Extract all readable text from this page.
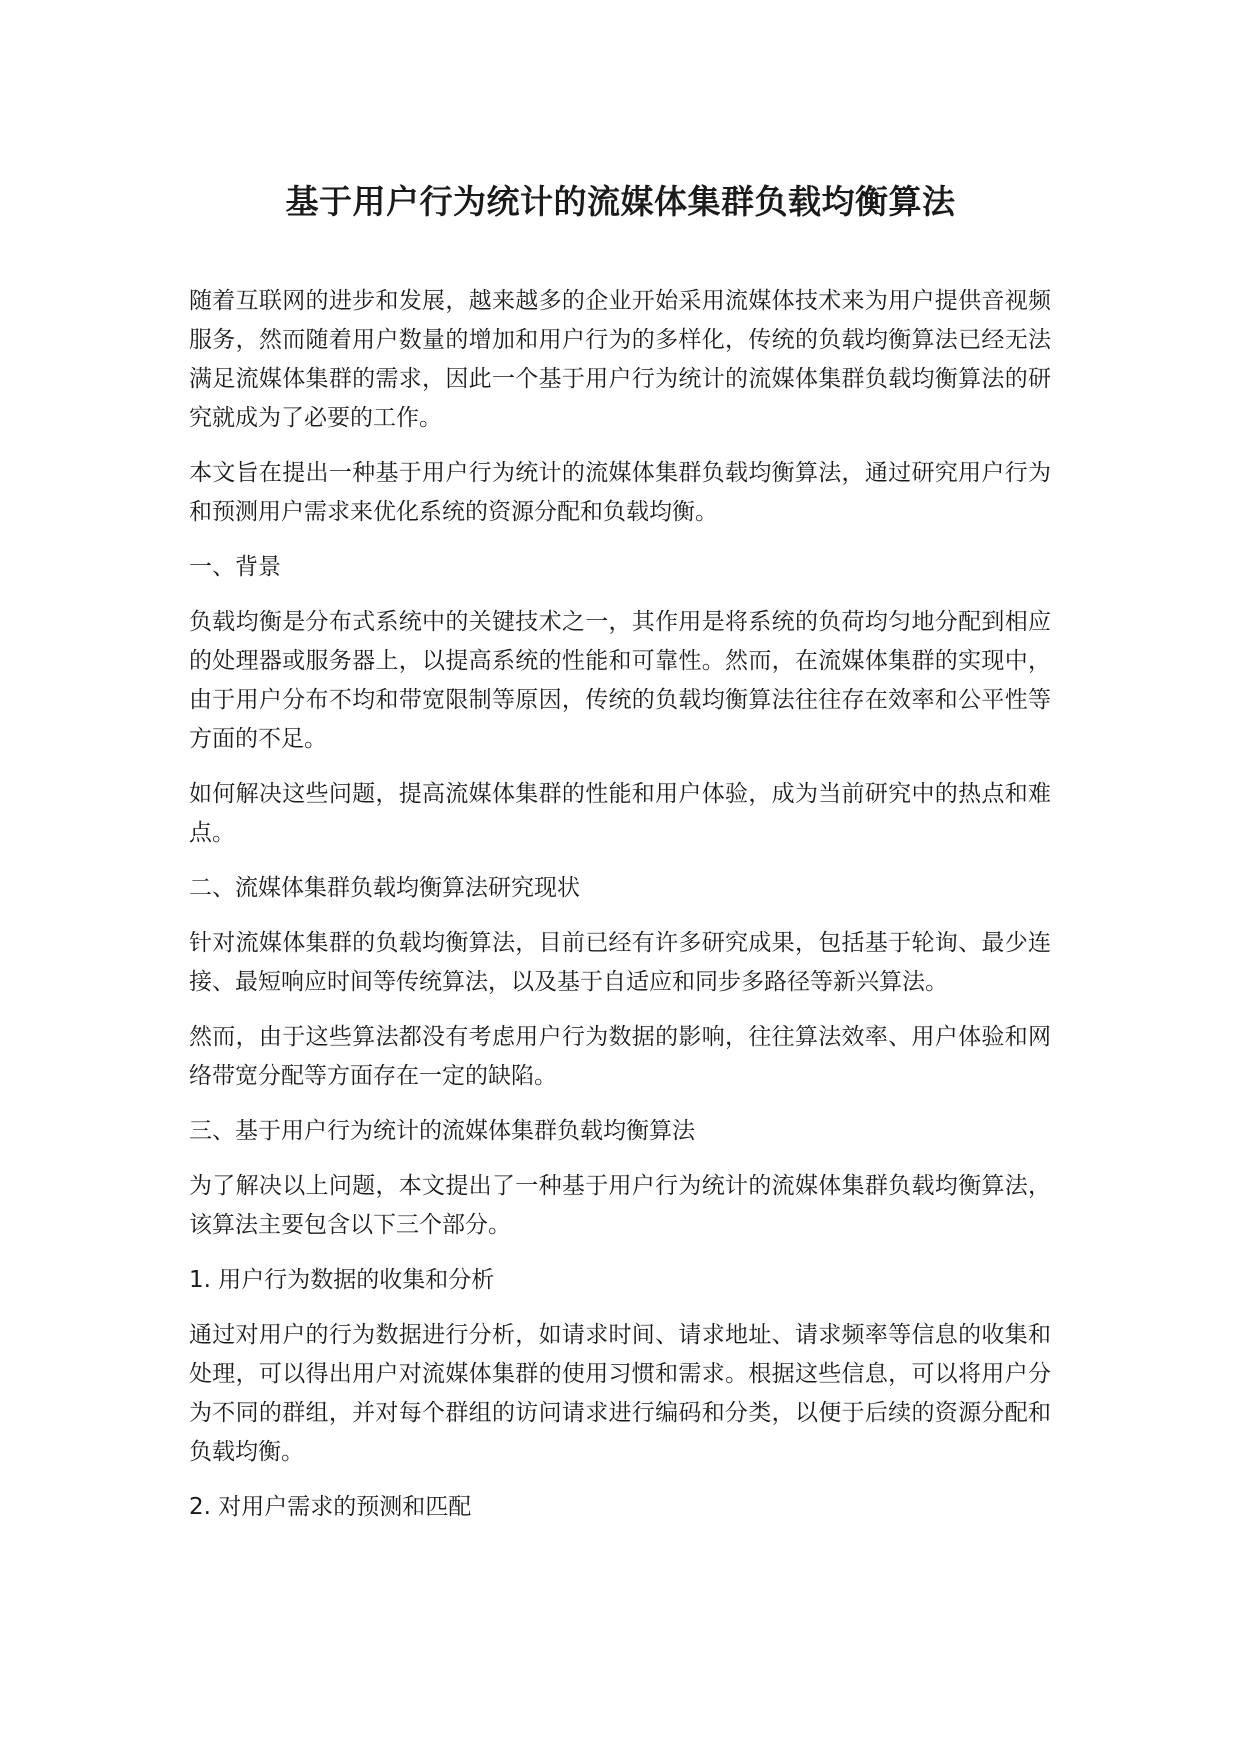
基于用户行为统计的流媒体集群负载均衡算法

随着互联网的进步和发展，越来越多的企业开始采用流媒体技术来为用户提供音视频服务，然而随着用户数量的增加和用户行为的多样化，传统的负载均衡算法已经无法满足流媒体集群的需求，因此一个基于用户行为统计的流媒体集群负载均衡算法的研究就成为了必要的工作。

本文旨在提出一种基于用户行为统计的流媒体集群负载均衡算法，通过研究用户行为和预测用户需求来优化系统的资源分配和负载均衡。

一、背景

负载均衡是分布式系统中的关键技术之一，其作用是将系统的负荷均匀地分配到相应的处理器或服务器上，以提高系统的性能和可靠性。然而，在流媒体集群的实现中，由于用户分布不均和带宽限制等原因，传统的负载均衡算法往往存在效率和公平性等方面的不足。

如何解决这些问题，提高流媒体集群的性能和用户体验，成为当前研究中的热点和难点。

二、流媒体集群负载均衡算法研究现状

针对流媒体集群的负载均衡算法，目前已经有许多研究成果，包括基于轮询、最少连接、最短响应时间等传统算法，以及基于自适应和同步多路径等新兴算法。

然而，由于这些算法都没有考虑用户行为数据的影响，往往算法效率、用户体验和网络带宽分配等方面存在一定的缺陷。

三、基于用户行为统计的流媒体集群负载均衡算法

为了解决以上问题，本文提出了一种基于用户行为统计的流媒体集群负载均衡算法，该算法主要包含以下三个部分。

1. 用户行为数据的收集和分析

通过对用户的行为数据进行分析，如请求时间、请求地址、请求频率等信息的收集和处理，可以得出用户对流媒体集群的使用习惯和需求。根据这些信息，可以将用户分为不同的群组，并对每个群组的访问请求进行编码和分类，以便于后续的资源分配和负载均衡。

2. 对用户需求的预测和匹配
